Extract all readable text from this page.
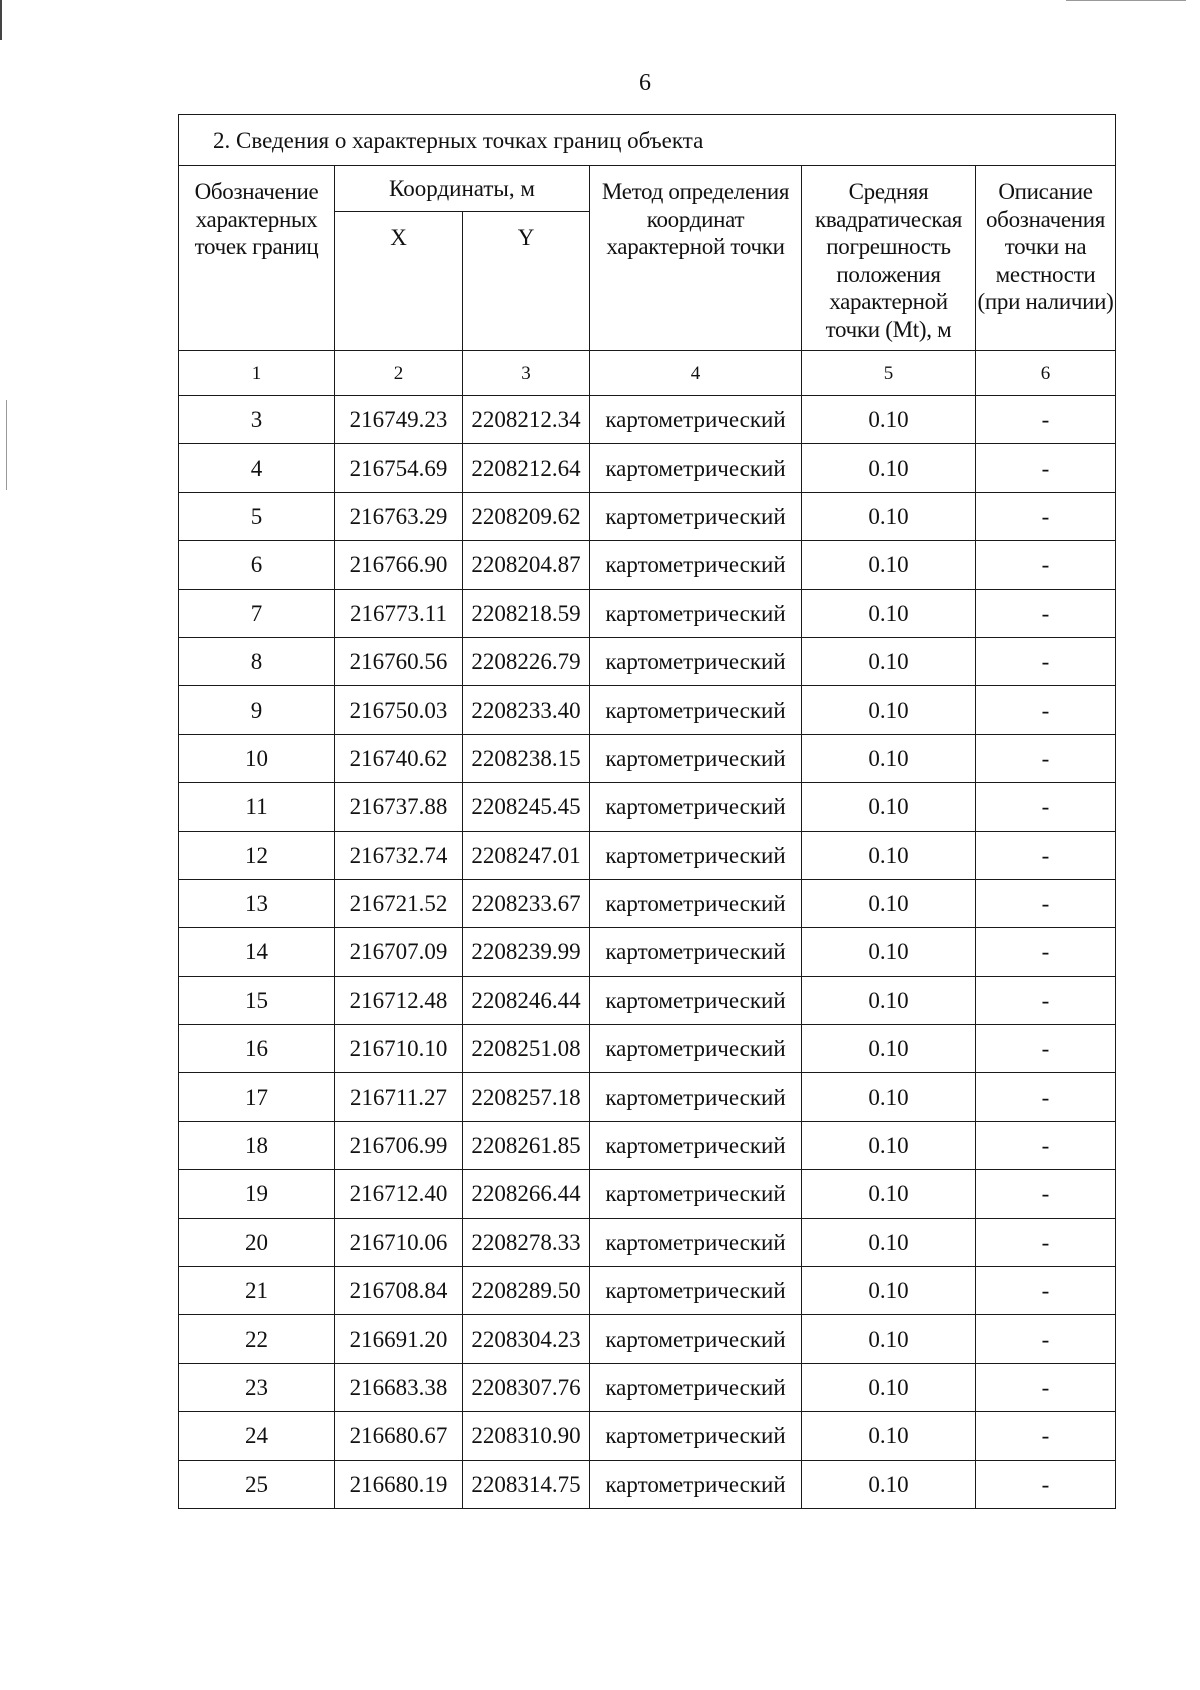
6
2. Сведения о характерных точках границ объекта					
Обозначение характерных точек границ	Координаты, м		Метод определения координат характерной точки	Средняя квадратическая погрешность положения характерной точки (Mt), м	Описание обозначения точки на местности (при наличии)
	X	Y			
1	2	3	4	5	6
3	216749.23	2208212.34	картометрический	0.10	-
4	216754.69	2208212.64	картометрический	0.10	-
5	216763.29	2208209.62	картометрический	0.10	-
6	216766.90	2208204.87	картометрический	0.10	-
7	216773.11	2208218.59	картометрический	0.10	-
8	216760.56	2208226.79	картометрический	0.10	-
9	216750.03	2208233.40	картометрический	0.10	-
10	216740.62	2208238.15	картометрический	0.10	-
11	216737.88	2208245.45	картометрический	0.10	-
12	216732.74	2208247.01	картометрический	0.10	-
13	216721.52	2208233.67	картометрический	0.10	-
14	216707.09	2208239.99	картометрический	0.10	-
15	216712.48	2208246.44	картометрический	0.10	-
16	216710.10	2208251.08	картометрический	0.10	-
17	216711.27	2208257.18	картометрический	0.10	-
18	216706.99	2208261.85	картометрический	0.10	-
19	216712.40	2208266.44	картометрический	0.10	-
20	216710.06	2208278.33	картометрический	0.10	-
21	216708.84	2208289.50	картометрический	0.10	-
22	216691.20	2208304.23	картометрический	0.10	-
23	216683.38	2208307.76	картометрический	0.10	-
24	216680.67	2208310.90	картометрический	0.10	-
25	216680.19	2208314.75	картометрический	0.10	-
